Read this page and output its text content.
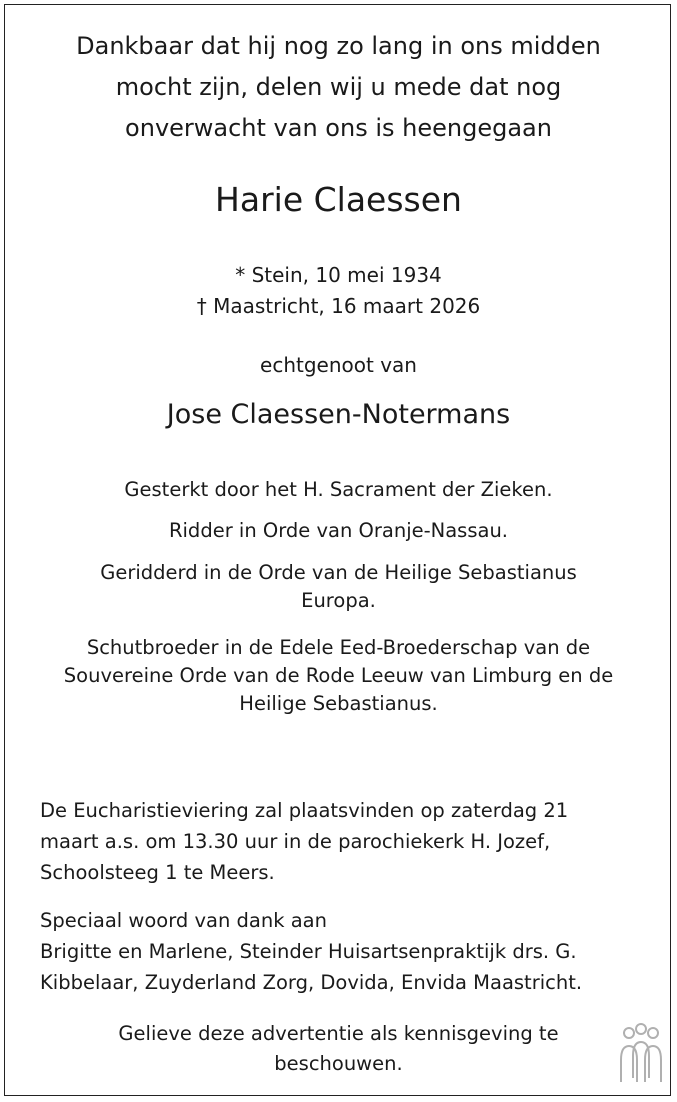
Dankbaar dat hij nog zo lang in ons midden
mocht zijn, delen wij u mede dat nog
onverwacht van ons is heengegaan
Harie Claessen
* Stein, 10 mei 1934
† Maastricht, 16 maart 2026
echtgenoot van
Jose Claessen-Notermans
Gesterkt door het H. Sacrament der Zieken.
Ridder in Orde van Oranje-Nassau.
Geridderd in de Orde van de Heilige Sebastianus
Europa.
Schutbroeder in de Edele Eed-Broederschap van de
Souvereine Orde van de Rode Leeuw van Limburg en de
Heilige Sebastianus.
De Eucharistieviering zal plaatsvinden op zaterdag 21
maart a.s. om 13.30 uur in de parochiekerk H. Jozef,
Schoolsteeg 1 te Meers.
Speciaal woord van dank aan
Brigitte en Marlene, Steinder Huisartsenpraktijk drs. G.
Kibbelaar, Zuyderland Zorg, Dovida, Envida Maastricht.
Gelieve deze advertentie als kennisgeving te
beschouwen.
